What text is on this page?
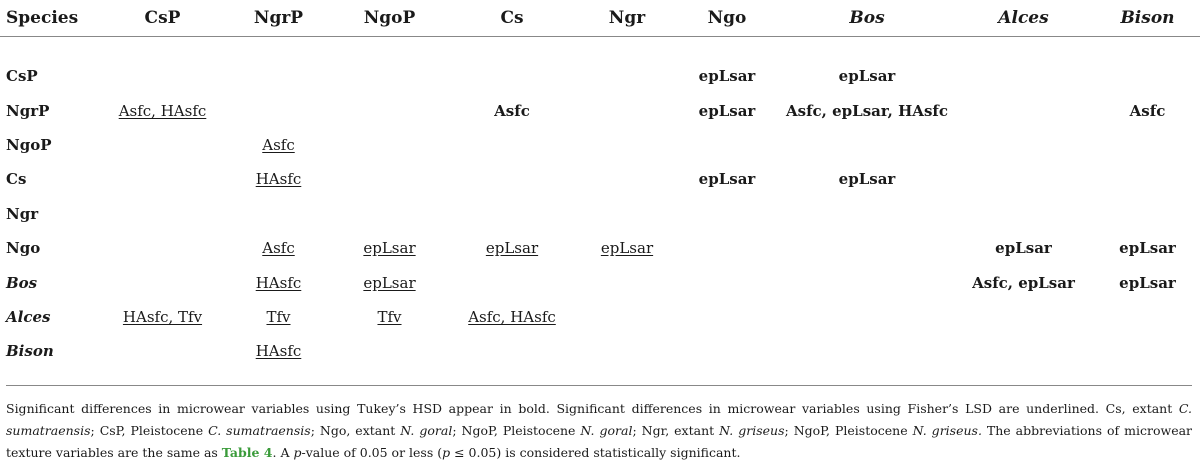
Species	CsP	NgrP	NgoP	Cs	Ngr	Ngo	Bos	Alces	Bison

CsP						epLsar	epLsar		
NgrP	Asfc, HAsfc			Asfc		epLsar	Asfc, epLsar, HAsfc		Asfc
NgoP		Asfc							
Cs		HAsfc				epLsar	epLsar		
Ngr									
Ngo		Asfc	epLsar	epLsar	epLsar			epLsar	epLsar
Bos		HAsfc	epLsar					Asfc, epLsar	epLsar
Alces	HAsfc, Tfv	Tfv	Tfv	Asfc, HAsfc					
Bison		HAsfc							
Significant differences in microwear variables using Tukey’s HSD appear in bold. Significant differences in microwear variables using Fisher’s LSD are underlined. Cs, extant C. sumatraensis; CsP, Pleistocene C. sumatraensis; Ngo, extant N. goral; NgoP, Pleistocene N. goral; Ngr, extant N. griseus; NgoP, Pleistocene N. griseus. The abbreviations of microwear texture variables are the same as Table 4. A p-value of 0.05 or less (p ≤ 0.05) is considered statistically significant.
